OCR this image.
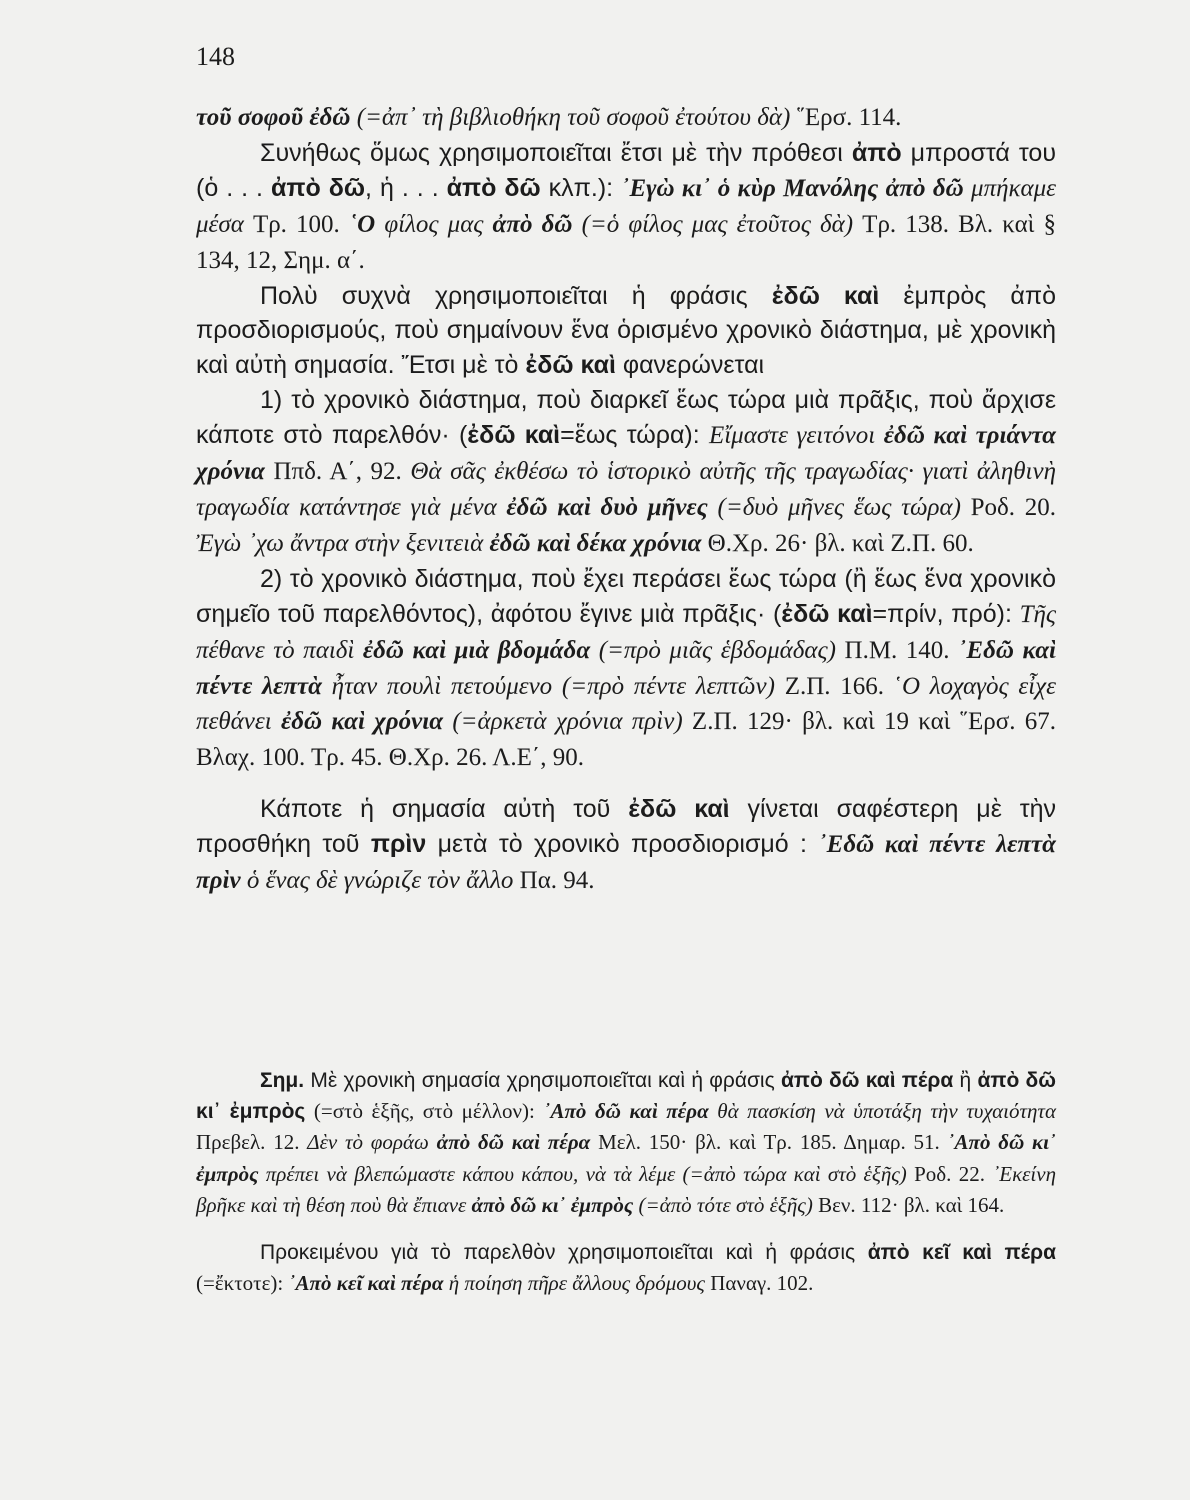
148

τοῦ σοφοῦ ἐδῶ (=ἀπ᾽ τὴ βιβλιοθήκη τοῦ σοφοῦ ἐτούτου δὰ) ῞Ερσ. 114.

Συνήθως ὅμως χρησιμοποιεῖται ἔτσι μὲ τὴν πρόθεσι ἀπὸ μπροστά του (ὁ . . . ἀπὸ δῶ, ἡ . . . ἀπὸ δῶ κλπ.): ᾽Εγὼ κι᾽ ὁ κὺρ Μανόλης ἀπὸ δῶ μπήκαμε μέσα Τρ. 100. ῾Ο φίλος μας ἀπὸ δῶ (=ὁ φίλος μας ἐτοῦτος δὰ) Τρ. 138. Βλ. καὶ § 134, 12, Σημ. α΄.

Πολὺ συχνὰ χρησιμοποιεῖται ἡ φράσις ἐδῶ καὶ ἐμπρὸς ἀπὸ προσδιορισμούς, ποὺ σημαίνουν ἕνα ὁρισμένο χρονικὸ διάστημα, μὲ χρονικὴ καὶ αὐτὴ σημασία. Ἔτσι μὲ τὸ ἐδῶ καὶ φανερώνεται

1) τὸ χρονικὸ διάστημα, ποὺ διαρκεῖ ἕως τώρα μιὰ πρᾶξις, ποὺ ἄρχισε κάποτε στὸ παρελθόν· (ἐδῶ καὶ=ἕως τώρα): Εἴμαστε γειτόνοι ἐδῶ καὶ τριάντα χρόνια Ππδ. Α΄, 92. Θὰ σᾶς ἐκθέσω τὸ ἱστορικὸ αὐτῆς τῆς τραγωδίας· γιατὶ ἀληθινὴ τραγωδία κατάντησε γιὰ μένα ἐδῶ καὶ δυὸ μῆνες (=δυὸ μῆνες ἕως τώρα) Ροδ. 20. Ἐγὼ ᾽χω ἄντρα στὴν ξενιτειὰ ἐδῶ καὶ δέκα χρόνια Θ.Χρ. 26· βλ. καὶ Ζ.Π. 60.

2) τὸ χρονικὸ διάστημα, ποὺ ἔχει περάσει ἕως τώρα (ἢ ἕως ἕνα χρονικὸ σημεῖο τοῦ παρελθόντος), ἀφότου ἔγινε μιὰ πρᾶξις· (ἐδῶ καὶ=πρίν, πρό): Τῆς πέθανε τὸ παιδὶ ἐδῶ καὶ μιὰ βδομάδα (=πρὸ μιᾶς ἑβδομάδας) Π.Μ. 140. ᾽Εδῶ καὶ πέντε λεπτὰ ἦταν πουλὶ πετούμενο (=πρὸ πέντε λεπτῶν) Ζ.Π. 166. ῾Ο λοχαγὸς εἶχε πεθάνει ἐδῶ καὶ χρόνια (=ἀρκετὰ χρόνια πρὶν) Ζ.Π. 129· βλ. καὶ 19 καὶ ῞Ερσ. 67. Βλαχ. 100. Τρ. 45. Θ.Χρ. 26. Λ.Ε΄, 90.

Κάποτε ἡ σημασία αὐτὴ τοῦ ἐδῶ καὶ γίνεται σαφέστερη μὲ τὴν προσθήκη τοῦ πρὶν μετὰ τὸ χρονικὸ προσδιορισμό : ᾽Εδῶ καὶ πέντε λεπτὰ πρὶν ὁ ἕνας δὲ γνώριζε τὸν ἄλλο Πα. 94.

Σημ. Μὲ χρονικὴ σημασία χρησιμοποιεῖται καὶ ἡ φράσις ἀπὸ δῶ καὶ πέρα ἢ ἀπὸ δῶ κι᾽ ἐμπρὸς (=στὸ ἑξῆς, στὸ μέλλον): ᾽Απὸ δῶ καὶ πέρα θὰ πασκίση νὰ ὑποτάξη τὴν τυχαιότητα Πρεβελ. 12. Δὲν τὸ φοράω ἀπὸ δῶ καὶ πέρα Μελ. 150· βλ. καὶ Τρ. 185. Δημαρ. 51. ᾽Απὸ δῶ κι᾽ ἐμπρὸς πρέπει νὰ βλεπώμαστε κάπου κάπου, νὰ τὰ λέμε (=ἀπὸ τώρα καὶ στὸ ἑξῆς) Ροδ. 22. ᾽Εκείνη βρῆκε καὶ τὴ θέση ποὺ θὰ ἔπιανε ἀπὸ δῶ κι᾽ ἐμπρὸς (=ἀπὸ τότε στὸ ἑξῆς) Βεν. 112· βλ. καὶ 164.

Προκειμένου γιὰ τὸ παρελθὸν χρησιμοποιεῖται καὶ ἡ φράσις ἀπὸ κεῖ καὶ πέρα (=ἔκτοτε): ᾽Απὸ κεῖ καὶ πέρα ἡ ποίηση πῆρε ἄλλους δρόμους Παναγ. 102.
